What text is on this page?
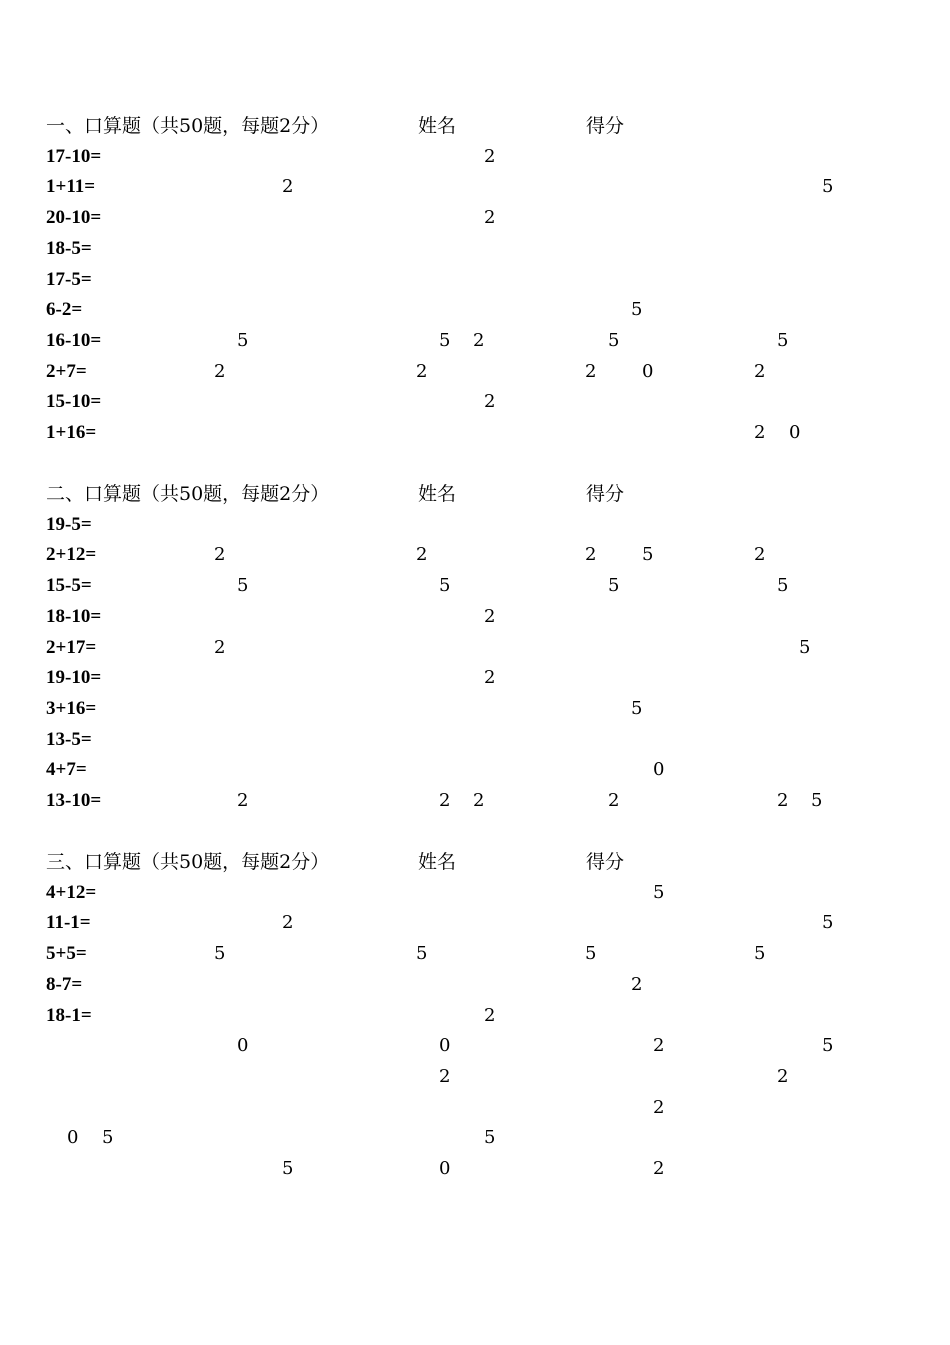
一、口算题（共50题，每题2分）	姓名	得分
17-10=	2
1+11=	2	5
20-10=	2
18-5=
17-5=
6-2=	5
16-10=	5	5 2	5	5
2+7=	2	2	2	0	2
15-10=	2
1+16=	2 0
二、口算题（共50题，每题2分）	姓名	得分
19-5=
2+12=	2	2	2	5	2
15-5=	5	5	5	5
18-10=	2
2+17=	2	5
19-10=	2
3+16=	5
13-5=
4+7=	0
13-10=	2	2 2	2	2 5
三、口算题（共50题，每题2分）	姓名	得分
4+12=	5
11-1=	2	5
5+5=	5	5	5	5
8-7=	2
18-1=	2
0	0	2	5
2	2
2
0 5	5
5	0	2
